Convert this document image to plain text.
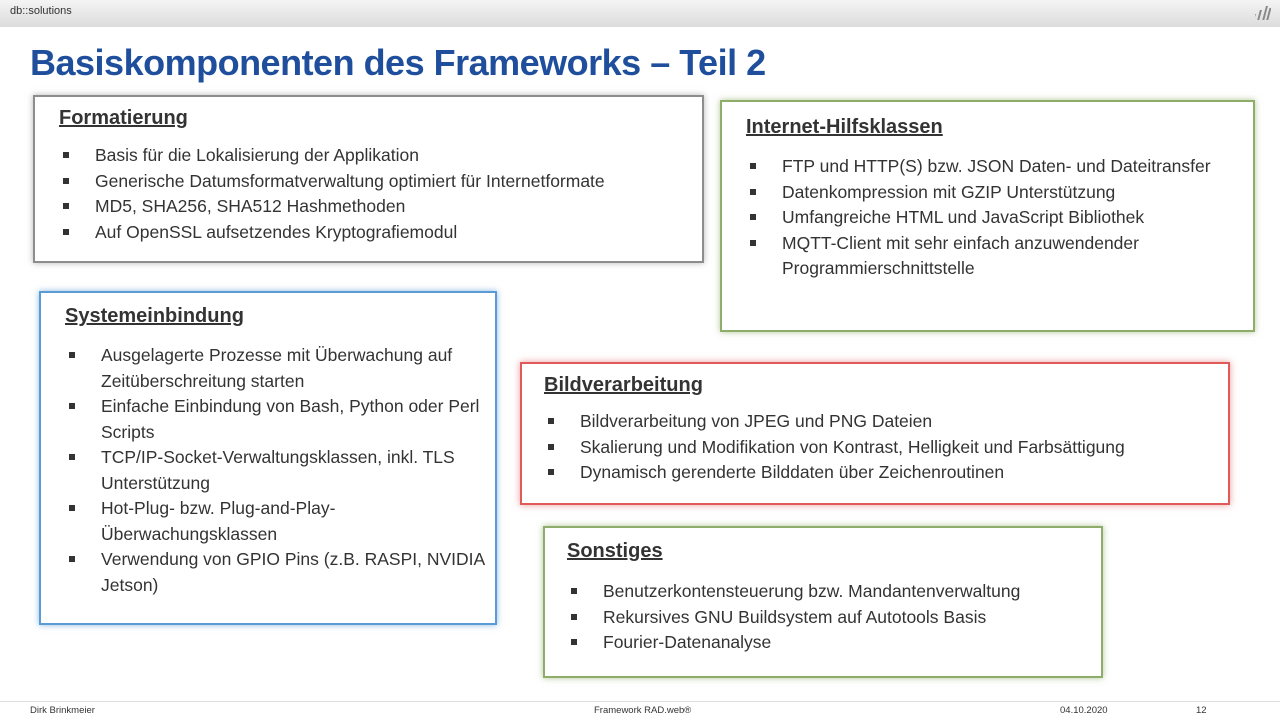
db::solutions
Basiskomponenten des Frameworks – Teil 2
Formatierung
Basis für die Lokalisierung der Applikation
Generische Datumsformatverwaltung optimiert für Internetformate
MD5, SHA256, SHA512 Hashmethoden
Auf OpenSSL aufsetzendes Kryptografiemodul
Systemeinbindung
Ausgelagerte Prozesse mit Überwachung auf Zeitüberschreitung starten
Einfache Einbindung von Bash, Python oder Perl Scripts
TCP/IP-Socket-Verwaltungsklassen, inkl. TLS Unterstützung
Hot-Plug- bzw. Plug-and-Play-Überwachungsklassen
Verwendung von GPIO Pins (z.B. RASPI, NVIDIA Jetson)
Internet-Hilfsklassen
FTP und HTTP(S) bzw. JSON Daten- und Dateitransfer
Datenkompression mit GZIP Unterstützung
Umfangreiche HTML und JavaScript Bibliothek
MQTT-Client mit sehr einfach anzuwendender Programmierschnittstelle
Bildverarbeitung
Bildverarbeitung von JPEG und PNG Dateien
Skalierung und Modifikation von Kontrast, Helligkeit und Farbsättigung
Dynamisch gerenderte Bilddaten über Zeichenroutinen
Sonstiges
Benutzerkontensteuerung bzw. Mandantenverwaltung
Rekursives GNU Buildsystem auf Autotools Basis
Fourier-Datenanalyse
Dirk Brinkmeier	Framework RAD.web®	04.10.2020	12
